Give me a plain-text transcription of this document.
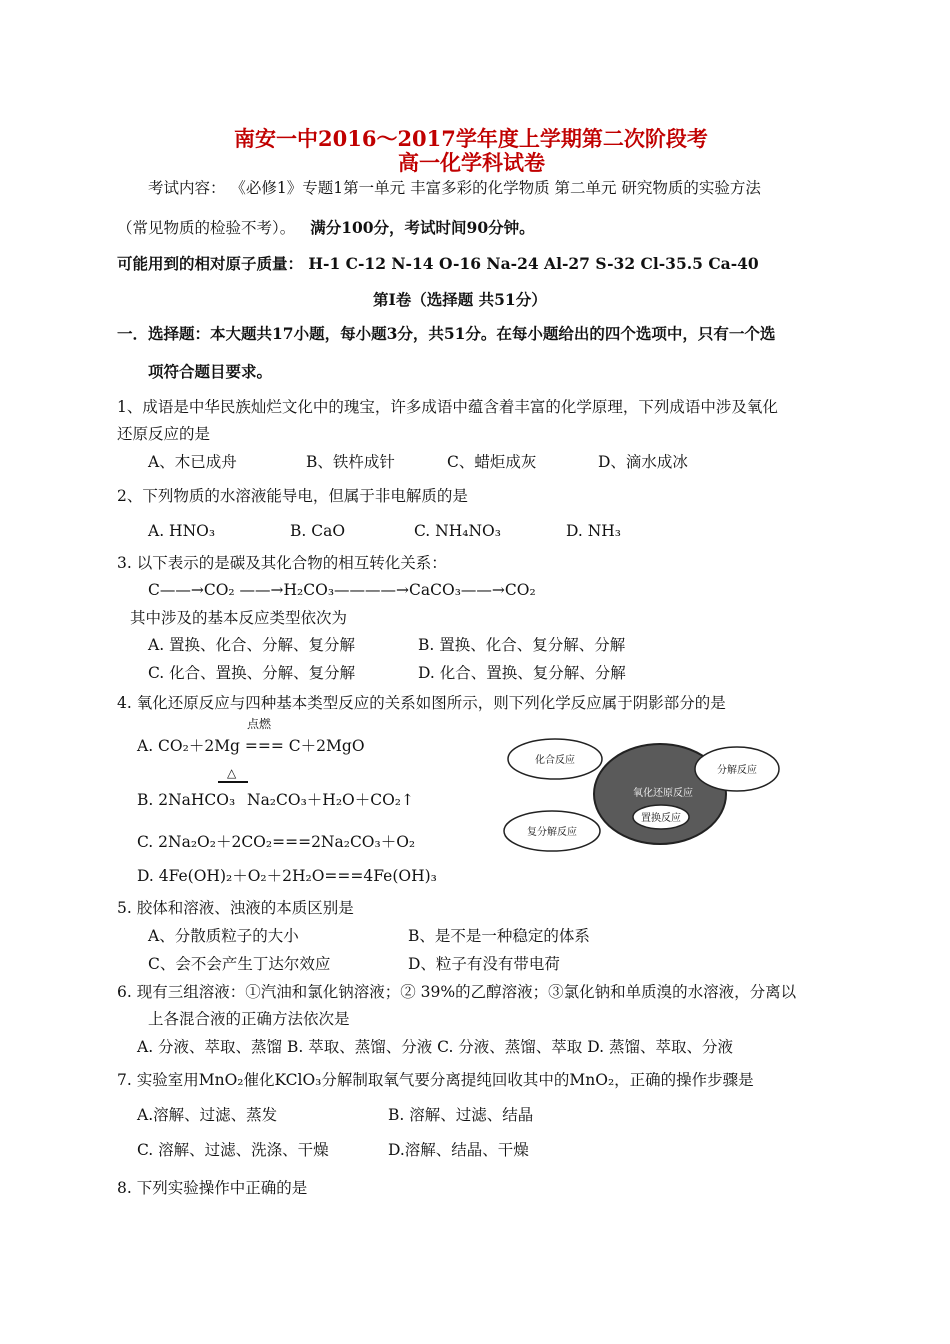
南安一中2016～2017学年度上学期第二次阶段考
高一化学科试卷
考试内容： 《必修1》专题1第一单元 丰富多彩的化学物质 第二单元 研究物质的实验方法
（常见物质的检验不考）。 满分100分，考试时间90分钟。
可能用到的相对原子质量： H-1 C-12 N-14 O-16 Na-24 Al-27 S-32 Cl-35.5 Ca-40
第Ⅰ卷（选择题 共51分）
一．选择题：本大题共17小题，每小题3分，共51分。在每小题给出的四个选项中，只有一个选
项符合题目要求。
1、成语是中华民族灿烂文化中的瑰宝，许多成语中蕴含着丰富的化学原理，下列成语中涉及氧化
还原反应的是
A、木已成舟	B、铁杵成针	C、蜡炬成灰	D、滴水成冰
2、下列物质的水溶液能导电，但属于非电解质的是
A. HNO₃	B. CaO	C. NH₄NO₃	D. NH₃
3. 以下表示的是碳及其化合物的相互转化关系：
C——→CO₂ ——→H₂CO₃————→CaCO₃——→CO₂
其中涉及的基本反应类型依次为
A. 置换、化合、分解、复分解	B. 置换、化合、复分解、分解
C. 化合、置换、分解、复分解	D. 化合、置换、复分解、分解
4. 氧化还原反应与四种基本类型反应的关系如图所示，则下列化学反应属于阴影部分的是
点燃
A. CO₂＋2Mg === C＋2MgO
△
B. 2NaHCO₃ Na₂CO₃＋H₂O＋CO₂↑
C. 2Na₂O₂＋2CO₂===2Na₂CO₃＋O₂
D. 4Fe(OH)₂＋O₂＋2H₂O===4Fe(OH)₃
化合反应
分解反应
氧化还原反应
置换反应
复分解反应
5. 胶体和溶液、浊液的本质区别是
A、分散质粒子的大小	B、是不是一种稳定的体系
C、会不会产生丁达尔效应	D、粒子有没有带电荷
6. 现有三组溶液：①汽油和氯化钠溶液；② 39%的乙醇溶液；③氯化钠和单质溴的水溶液，分离以
上各混合液的正确方法依次是
A. 分液、萃取、蒸馏 B. 萃取、蒸馏、分液 C. 分液、蒸馏、萃取 D. 蒸馏、萃取、分液
7. 实验室用MnO₂催化KClO₃分解制取氧气要分离提纯回收其中的MnO₂，正确的操作步骤是
A.溶解、过滤、蒸发	B. 溶解、过滤、结晶
C. 溶解、过滤、洗涤、干燥	D.溶解、结晶、干燥
8. 下列实验操作中正确的是
